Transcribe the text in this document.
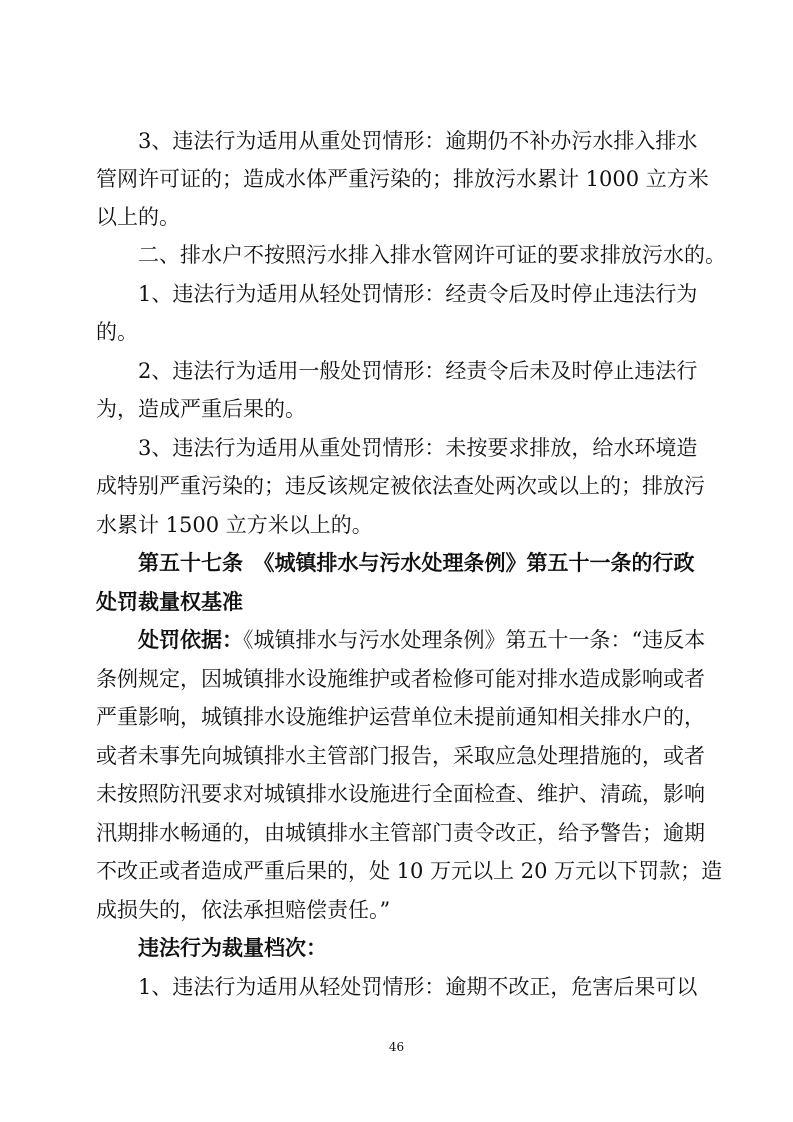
3、违法行为适用从重处罚情形：逾期仍不补办污水排入排水
管网许可证的；造成水体严重污染的；排放污水累计 1000 立方米
以上的。
二、排水户不按照污水排入排水管网许可证的要求排放污水的。
1、违法行为适用从轻处罚情形：经责令后及时停止违法行为
的。
2、违法行为适用一般处罚情形：经责令后未及时停止违法行
为，造成严重后果的。
3、违法行为适用从重处罚情形：未按要求排放，给水环境造
成特别严重污染的；违反该规定被依法查处两次或以上的；排放污
水累计 1500 立方米以上的。
第五十七条　《城镇排水与污水处理条例》第五十一条的行政
处罚裁量权基准
处罚依据：《城镇排水与污水处理条例》第五十一条：“违反本
条例规定，因城镇排水设施维护或者检修可能对排水造成影响或者
严重影响，城镇排水设施维护运营单位未提前通知相关排水户的，
或者未事先向城镇排水主管部门报告，采取应急处理措施的，或者
未按照防汛要求对城镇排水设施进行全面检查、维护、清疏，影响
汛期排水畅通的，由城镇排水主管部门责令改正，给予警告；逾期
不改正或者造成严重后果的，处 10 万元以上 20 万元以下罚款；造
成损失的，依法承担赔偿责任。”
违法行为裁量档次：
1、违法行为适用从轻处罚情形：逾期不改正，危害后果可以
46
